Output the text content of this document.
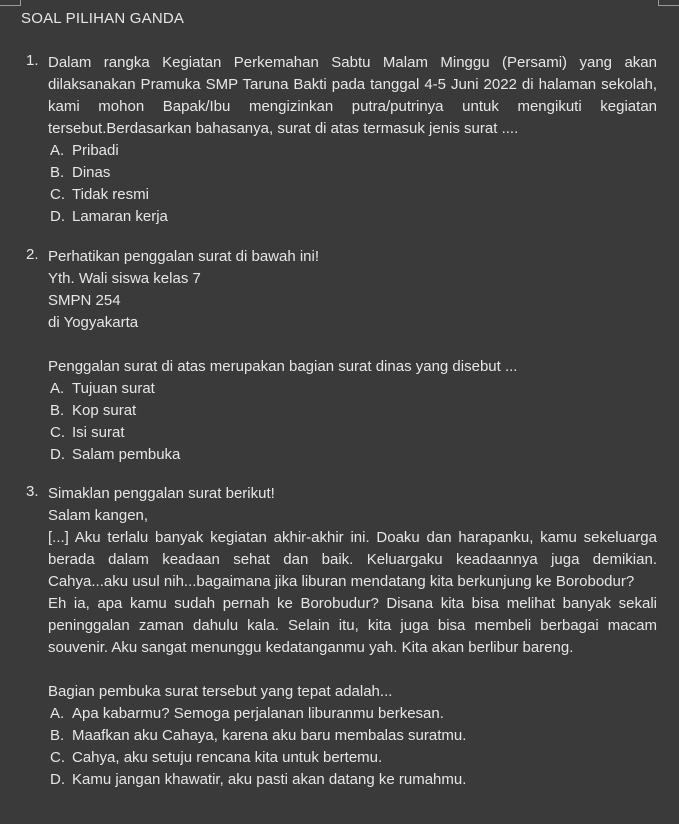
SOAL PILIHAN GANDA
1. Dalam rangka Kegiatan Perkemahan Sabtu Malam Minggu (Persami) yang akan dilaksanakan Pramuka SMP Taruna Bakti pada tanggal 4-5 Juni 2022 di halaman sekolah, kami mohon Bapak/Ibu mengizinkan putra/putrinya untuk mengikuti kegiatan tersebut.Berdasarkan bahasanya, surat di atas termasuk jenis surat ....
A. Pribadi
B. Dinas
C. Tidak resmi
D. Lamaran kerja
2. Perhatikan penggalan surat di bawah ini!
Yth. Wali siswa kelas 7
SMPN 254
di Yogyakarta
Penggalan surat di atas merupakan bagian surat dinas yang disebut ...
A. Tujuan surat
B. Kop surat
C. Isi surat
D. Salam pembuka
3. Simaklan penggalan surat berikut!
Salam kangen,
[...] Aku terlalu banyak kegiatan akhir-akhir ini. Doaku dan harapanku, kamu sekeluarga berada dalam keadaan sehat dan baik. Keluargaku keadaannya juga demikian. Cahya...aku usul nih...bagaimana jika liburan mendatang kita berkunjung ke Borobodur?
Eh ia, apa kamu sudah pernah ke Borobudur? Disana kita bisa melihat banyak sekali peninggalan zaman dahulu kala. Selain itu, kita juga bisa membeli berbagai macam souvenir. Aku sangat menunggu kedatanganmu yah. Kita akan berlibur bareng.
Bagian pembuka surat tersebut yang tepat adalah...
A. Apa kabarmu? Semoga perjalanan liburanmu berkesan.
B. Maafkan aku Cahaya, karena aku baru membalas suratmu.
C. Cahya, aku setuju rencana kita untuk bertemu.
D. Kamu jangan khawatir, aku pasti akan datang ke rumahmu.
